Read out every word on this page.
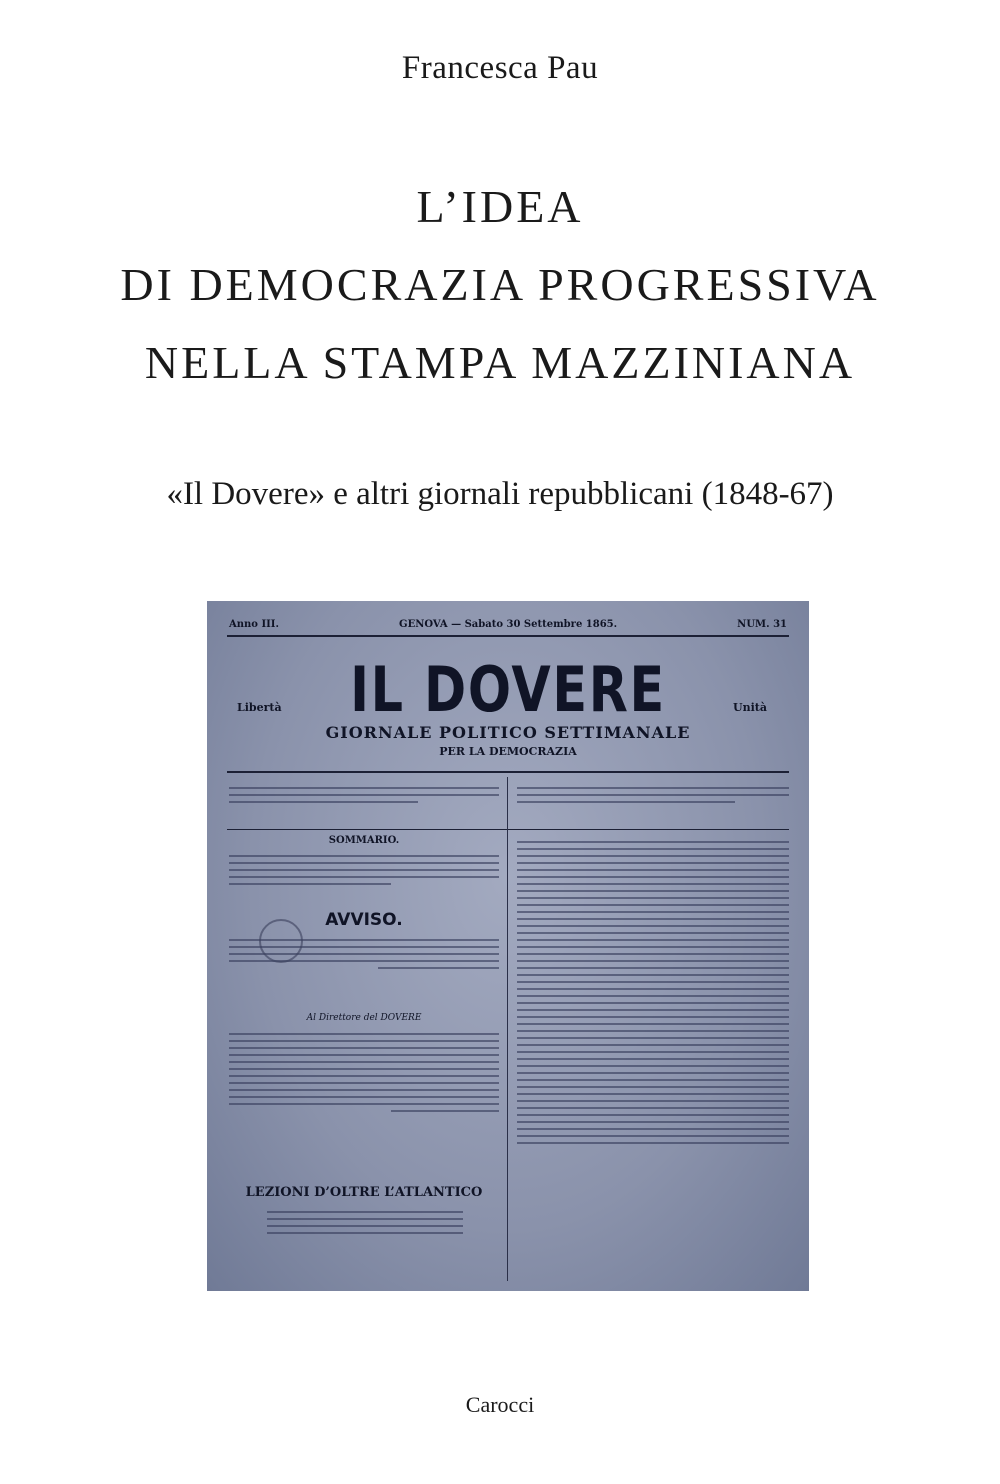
Francesca Pau
L’IDEA
DI DEMOCRAZIA PROGRESSIVA
NELLA STAMPA MAZZINIANA
«Il Dovere» e altri giornali repubblicani (1848-67)
Anno III.	GENOVA — Sabato 30 Settembre 1865.	NUM. 31
IL DOVERE
Libertà	Unità
GIORNALE POLITICO SETTIMANALE
PER LA DEMOCRAZIA
SOMMARIO.
AVVISO.
Al Direttore del DOVERE
LEZIONI D’OLTRE L’ATLANTICO
Carocci
